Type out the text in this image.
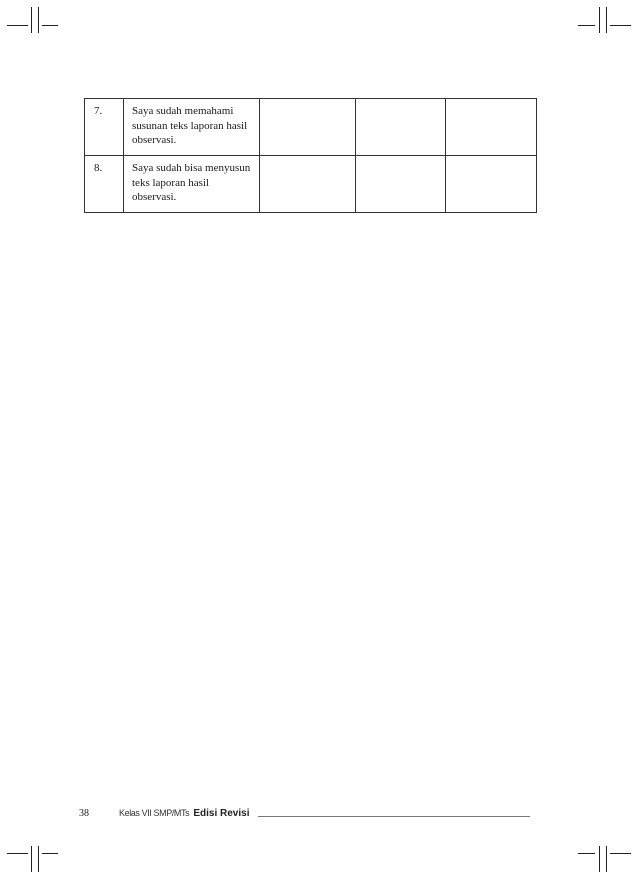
7.	Saya sudah memahami susunan teks laporan hasil observasi.			
8.	Saya sudah bisa menyusun teks laporan hasil observasi.			
38	Kelas VII SMP/MTs Edisi Revisi
